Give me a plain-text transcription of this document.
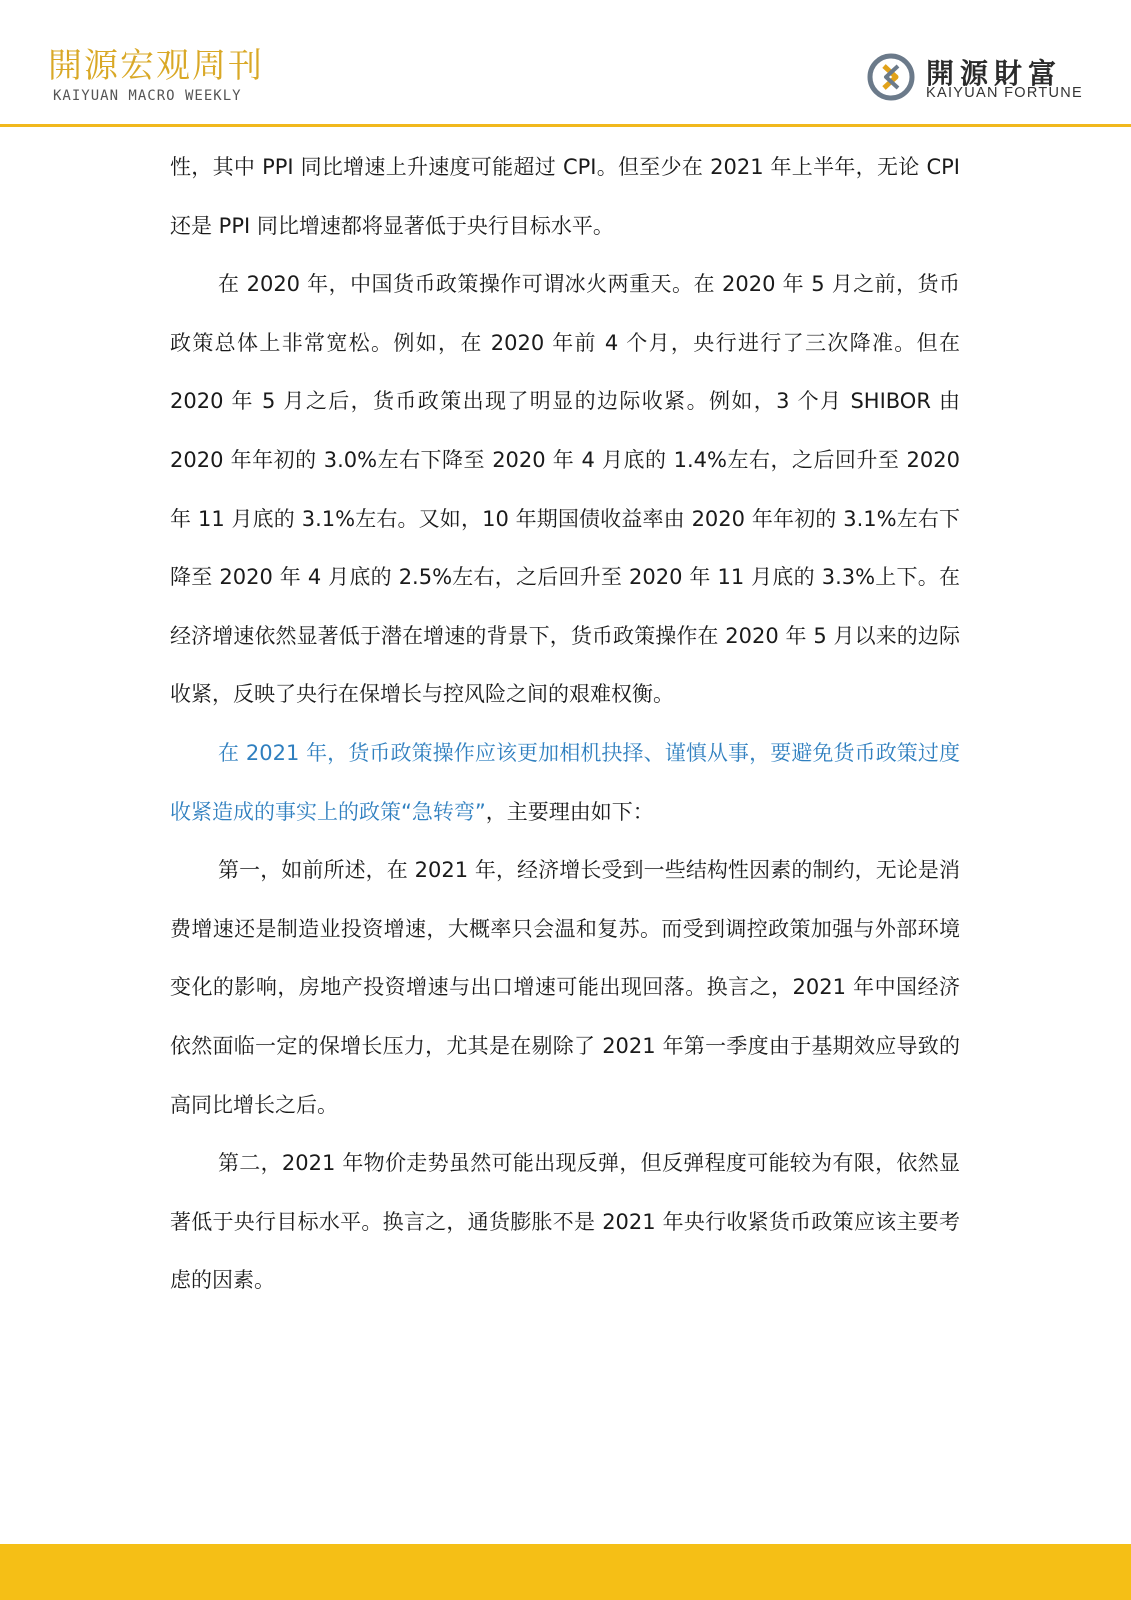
開源宏观周刊
KAIYUAN MACRO WEEKLY
開源財富
KAIYUAN FORTUNE

性，其中 PPI 同比增速上升速度可能超过 CPI。但至少在 2021 年上半年，无论 CPI 还是 PPI 同比增速都将显著低于央行目标水平。

在 2020 年，中国货币政策操作可谓冰火两重天。在 2020 年 5 月之前，货币政策总体上非常宽松。例如，在 2020 年前 4 个月，央行进行了三次降准。但在 2020 年 5 月之后，货币政策出现了明显的边际收紧。例如，3 个月 SHIBOR 由 2020 年年初的 3.0%左右下降至 2020 年 4 月底的 1.4%左右，之后回升至 2020 年 11 月底的 3.1%左右。又如，10 年期国债收益率由 2020 年年初的 3.1%左右下降至 2020 年 4 月底的 2.5%左右，之后回升至 2020 年 11 月底的 3.3%上下。在经济增速依然显著低于潜在增速的背景下，货币政策操作在 2020 年 5 月以来的边际收紧，反映了央行在保增长与控风险之间的艰难权衡。

在 2021 年，货币政策操作应该更加相机抉择、谨慎从事，要避免货币政策过度收紧造成的事实上的政策“急转弯”，主要理由如下：

第一，如前所述，在 2021 年，经济增长受到一些结构性因素的制约，无论是消费增速还是制造业投资增速，大概率只会温和复苏。而受到调控政策加强与外部环境变化的影响，房地产投资增速与出口增速可能出现回落。换言之，2021 年中国经济依然面临一定的保增长压力，尤其是在剔除了 2021 年第一季度由于基期效应导致的高同比增长之后。

第二，2021 年物价走势虽然可能出现反弹，但反弹程度可能较为有限，依然显著低于央行目标水平。换言之，通货膨胀不是 2021 年央行收紧货币政策应该主要考虑的因素。
